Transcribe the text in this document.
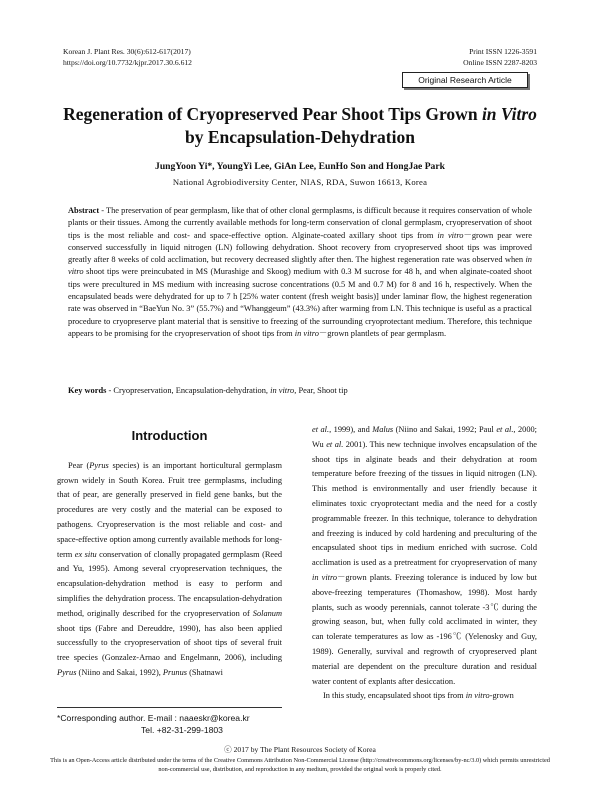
Korean J. Plant Res. 30(6):612-617(2017)
https://doi.org/10.7732/kjpr.2017.30.6.612
Print ISSN 1226-3591
Online ISSN 2287-8203
Original Research Article
Regeneration of Cryopreserved Pear Shoot Tips Grown in Vitro by Encapsulation-Dehydration
JungYoon Yi*, YoungYi Lee, GiAn Lee, EunHo Son and HongJae Park
National Agrobiodiversity Center, NIAS, RDA, Suwon 16613, Korea
Abstract - The preservation of pear germplasm, like that of other clonal germplasms, is difficult because it requires conservation of whole plants or their tissues. Among the currently available methods for long-term conservation of clonal germplasm, cryopreservation of shoot tips is the most reliable and cost- and space-effective option. Alginate-coated axillary shoot tips from in vitro－grown pear were conserved successfully in liquid nitrogen (LN) following dehydration. Shoot recovery from cryopreserved shoot tips was improved greatly after 8 weeks of cold acclimation, but recovery decreased slightly after then. The highest regeneration rate was observed when in vitro shoot tips were preincubated in MS (Murashige and Skoog) medium with 0.3 M sucrose for 48 h, and when alginate-coated shoot tips were precultured in MS medium with increasing sucrose concentrations (0.5 M and 0.7 M) for 8 and 16 h, respectively. When the encapsulated beads were dehydrated for up to 7 h [25% water content (fresh weight basis)] under laminar flow, the highest regeneration rate was observed in “BaeYun No. 3” (55.7%) and “Whanggeum” (43.3%) after warming from LN. This technique is useful as a practical procedure to cryopreserve plant material that is sensitive to freezing of the surrounding cryoprotectant medium. Therefore, this technique appears to be promising for the cryopreservation of shoot tips from in vitro－grown plantlets of pear germplasm.
Key words - Cryopreservation, Encapsulation-dehydration, in vitro, Pear, Shoot tip
Introduction

Pear (Pyrus species) is an important horticultural germplasm grown widely in South Korea. Fruit tree germplasms, including that of pear, are generally preserved in field gene banks, but the procedures are very costly and the material can be exposed to pathogens. Cryopreservation is the most reliable and cost- and space-effective option among currently available methods for long-term ex situ conservation of clonally propagated germplasm (Reed and Yu, 1995). Among several cryopreservation techniques, the encapsulation-dehydration method is easy to perform and simplifies the dehydration process. The encapsulation-dehydration method, originally described for the cryopreservation of Solanum shoot tips (Fabre and Dereuddre, 1990), has also been applied successfully to the cryopreservation of shoot tips of several fruit tree species (Gonzalez-Arnao and Engelmann, 2006), including Pyrus (Niino and Sakai, 1992), Prunus (Shatnawi

et al., 1999), and Malus (Niino and Sakai, 1992; Paul et al., 2000; Wu et al. 2001). This new technique involves encapsulation of the shoot tips in alginate beads and their dehydration at room temperature before freezing of the tissues in liquid nitrogen (LN). This method is environmentally and user friendly because it eliminates toxic cryoprotectant media and the need for a costly programmable freezer. In this technique, tolerance to dehydration and freezing is induced by cold hardening and preculturing of the encapsulated shoot tips in medium enriched with sucrose. Cold acclimation is used as a pretreatment for cryopreservation of many in vitro－grown plants. Freezing tolerance is induced by low but above-freezing temperatures (Thomashow, 1998). Most hardy plants, such as woody perennials, cannot tolerate -3℃ during the growing season, but, when fully cold acclimated in winter, they can tolerate temperatures as low as -196℃ (Yelenosky and Guy, 1989). Generally, survival and regrowth of cryopreserved plant material are dependent on the preculture duration and residual water content of explants after desiccation.

In this study, encapsulated shoot tips from in vitro-grown

*Corresponding author. E-mail : naaeskr@korea.kr
Tel. +82-31-299-1803
ⓒ 2017 by The Plant Resources Society of Korea
This is an Open-Access article distributed under the terms of the Creative Commons Attribution Non-Commercial License (http://creativecommons.org/licenses/by-nc/3.0) which permits unrestricted non-commercial use, distribution, and reproduction in any medium, provided the original work is properly cited.
